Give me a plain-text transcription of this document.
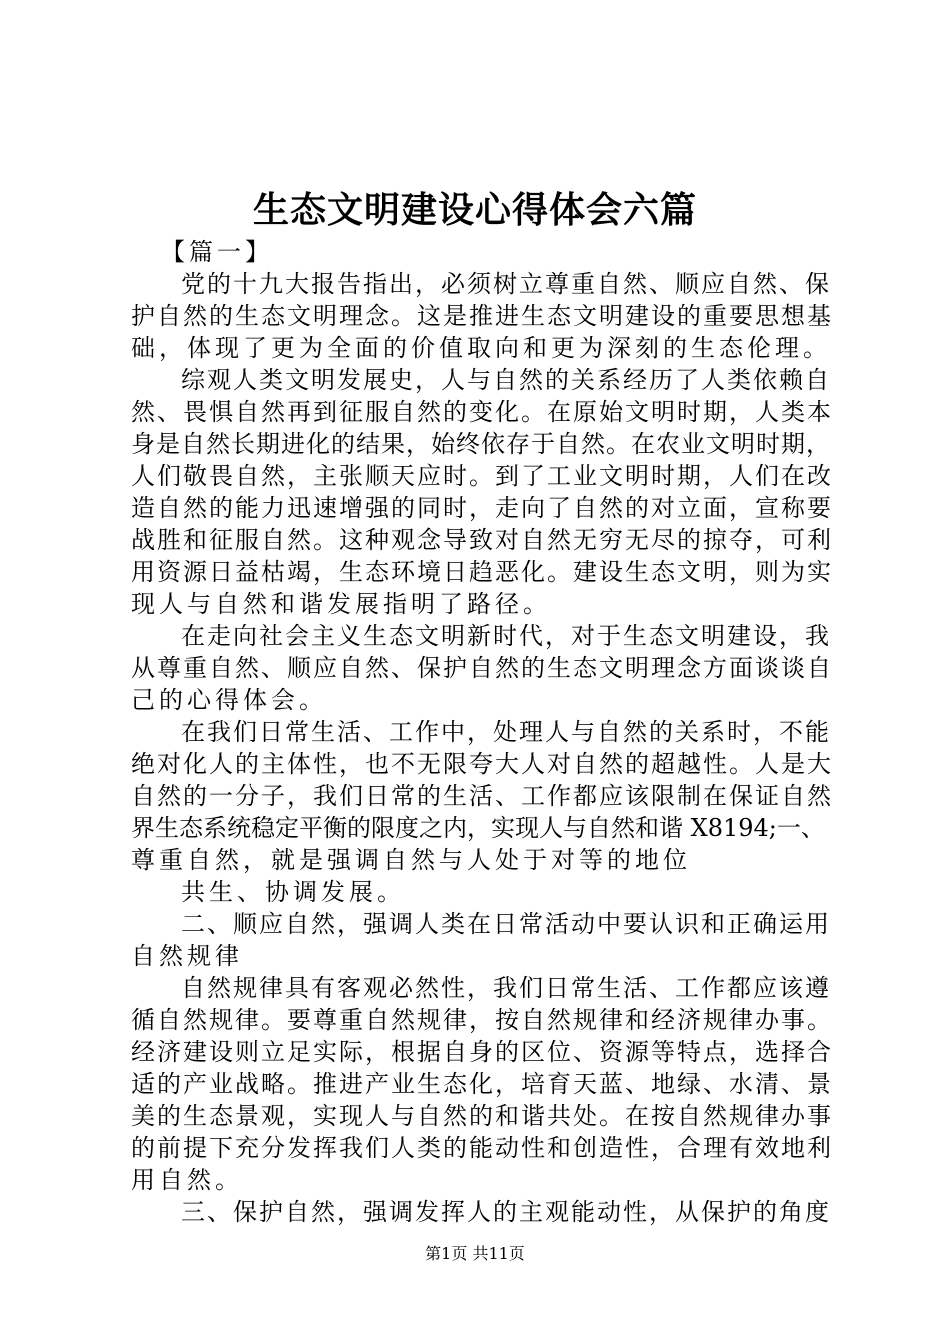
生态文明建设心得体会六篇
【篇一】
党的十九大报告指出，必须树立尊重自然、顺应自然、保
护自然的生态文明理念。这是推进生态文明建设的重要思想基
础，体现了更为全面的价值取向和更为深刻的生态伦理。
综观人类文明发展史，人与自然的关系经历了人类依赖自
然、畏惧自然再到征服自然的变化。在原始文明时期，人类本
身是自然长期进化的结果，始终依存于自然。在农业文明时期，
人们敬畏自然，主张顺天应时。到了工业文明时期，人们在改
造自然的能力迅速增强的同时，走向了自然的对立面，宣称要
战胜和征服自然。这种观念导致对自然无穷无尽的掠夺，可利
用资源日益枯竭，生态环境日趋恶化。建设生态文明，则为实
现人与自然和谐发展指明了路径。
在走向社会主义生态文明新时代，对于生态文明建设，我
从尊重自然、顺应自然、保护自然的生态文明理念方面谈谈自
己的心得体会。
在我们日常生活、工作中，处理人与自然的关系时，不能
绝对化人的主体性，也不无限夸大人对自然的超越性。人是大
自然的一分子，我们日常的生活、工作都应该限制在保证自然
界生态系统稳定平衡的限度之内，实现人与自然和谐 X8194;一、
尊重自然，就是强调自然与人处于对等的地位
共生、协调发展。
二、顺应自然，强调人类在日常活动中要认识和正确运用
自然规律
自然规律具有客观必然性，我们日常生活、工作都应该遵
循自然规律。要尊重自然规律，按自然规律和经济规律办事。
经济建设则立足实际，根据自身的区位、资源等特点，选择合
适的产业战略。推进产业生态化，培育天蓝、地绿、水清、景
美的生态景观，实现人与自然的和谐共处。在按自然规律办事
的前提下充分发挥我们人类的能动性和创造性，合理有效地利
用自然。
三、保护自然，强调发挥人的主观能动性，从保护的角度
第1页 共11页
